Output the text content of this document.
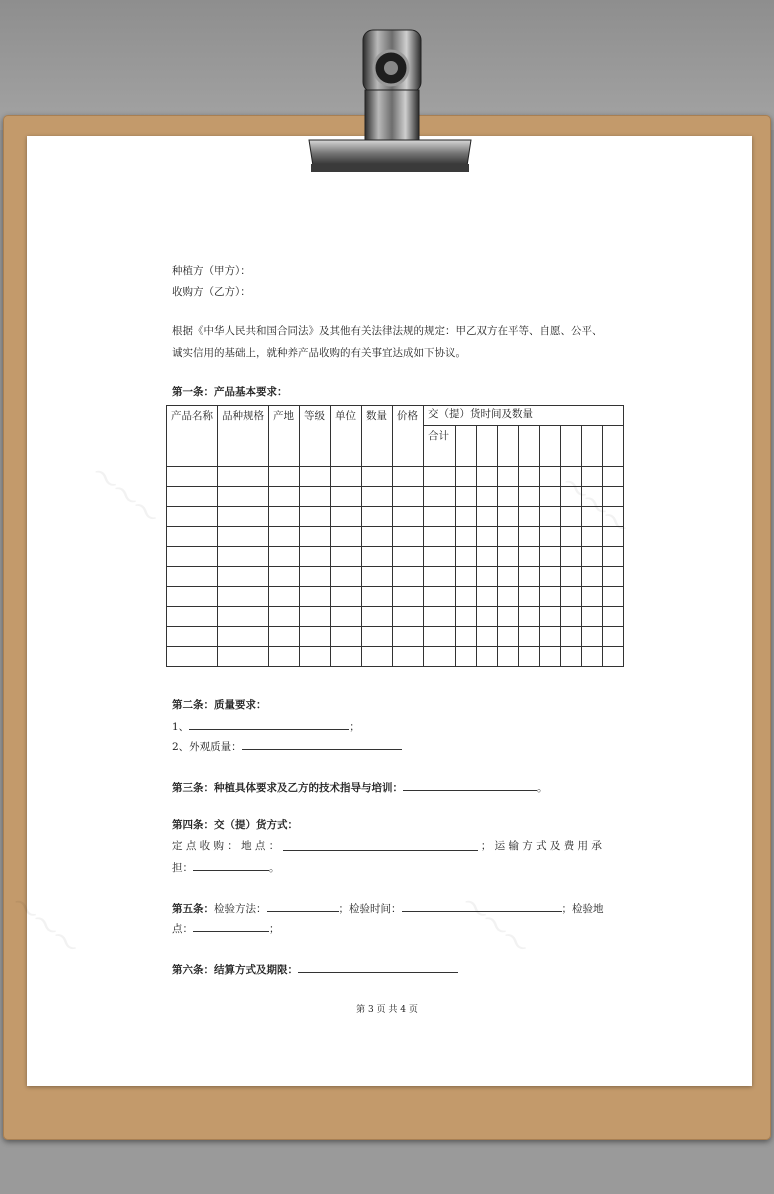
～～～	～～～
～～～	～～～
种植方（甲方）：
收购方（乙方）：
根据《中华人民共和国合同法》及其他有关法律法规的规定：甲乙双方在平等、自愿、公平、
诚实信用的基础上，就种养产品收购的有关事宜达成如下协议。
第一条：产品基本要求：
产品名称	品种规格	产地	等级	单位	数量	价格	交（提）货时间及数量								
							合计								

第二条：质量要求：
1、	；
2、外观质量：
第三条：种植具体要求及乙方的技术指导与培训：	。
第四条：交（提）货方式：
定 点 收 购 ： 地 点 ：	； 运 输 方 式 及 费 用 承
担：	。
第五条：检验方法：	；检验时间：	；检验地
点：	；
第六条：结算方式及期限：
第 3 页 共 4 页
